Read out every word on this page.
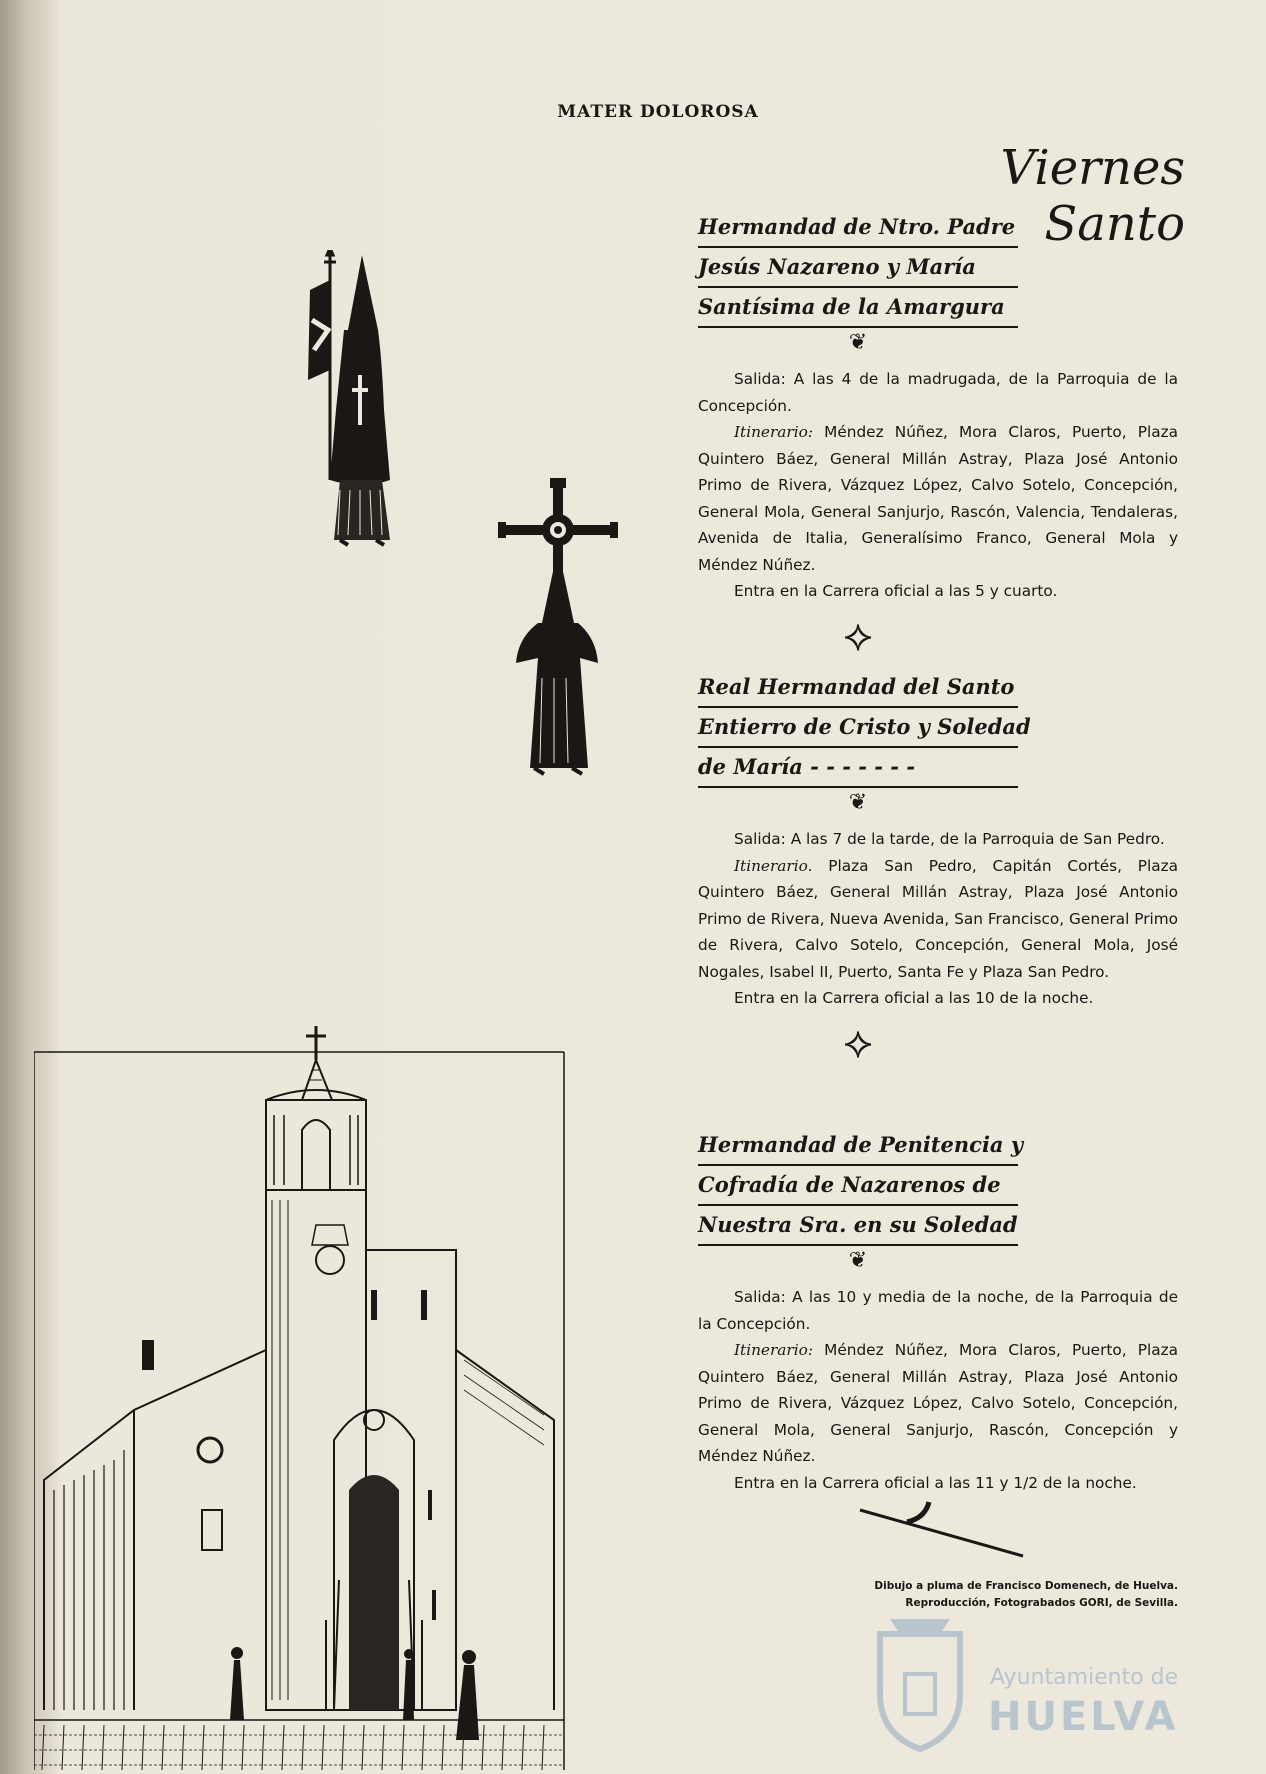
MATER DOLOROSA
Viernes Santo
Hermandad de Ntro. Padre
Jesús Nazareno y María
Santísima de la Amargura
❦

Salida: A las 4 de la madrugada, de la Parroquia de la Concepción.

Itinerario: Méndez Núñez, Mora Claros, Puerto, Plaza Quintero Báez, General Millán Astray, Plaza José Antonio Primo de Rivera, Vázquez López, Calvo Sotelo, Concepción, General Mola, General Sanjurjo, Rascón, Valencia, Tendaleras, Avenida de Italia, Generalísimo Franco, General Mola y Méndez Núñez.

Entra en la Carrera oficial a las 5 y cuarto.

⟡
Real Hermandad del Santo
Entierro de Cristo y Soledad
de María - - - - - - -
❦

Salida: A las 7 de la tarde, de la Parroquia de San Pedro.

Itinerario. Plaza San Pedro, Capitán Cortés, Plaza Quintero Báez, General Millán Astray, Plaza José Antonio Primo de Rivera, Nueva Avenida, San Francisco, General Primo de Rivera, Calvo Sotelo, Concepción, General Mola, José Nogales, Isabel II, Puerto, Santa Fe y Plaza San Pedro.

Entra en la Carrera oficial a las 10 de la noche.

⟡
Hermandad de Penitencia y
Cofradía de Nazarenos de
Nuestra Sra. en su Soledad
❦

Salida: A las 10 y media de la noche, de la Parroquia de la Concepción.

Itinerario: Méndez Núñez, Mora Claros, Puerto, Plaza Quintero Báez, General Millán Astray, Plaza José Antonio Primo de Rivera, Vázquez López, Calvo Sotelo, Concepción, General Mola, General Sanjurjo, Rascón, Concepción y Méndez Núñez.

Entra en la Carrera oficial a las 11 y 1/2 de la noche.

Dibujo a pluma de Francisco Domenech, de Huelva.
Reproducción, Fotograbados GORI, de Sevilla.
Ayuntamiento de
HUELVA
